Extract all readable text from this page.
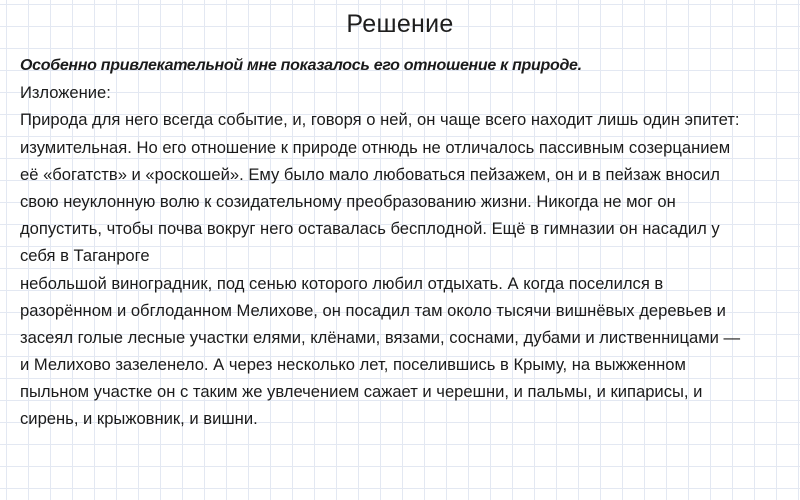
Решение
Особенно привлекательной мне показалось его отношение к природе.
Изложение:
Природа для него всегда событие, и, говоря о ней, он чаще всего находит лишь один эпитет:
изумительная. Но его отношение к природе отнюдь не отличалось пассивным созерцанием
её «богатств» и «роскошей». Ему было мало любоваться пейзажем, он и в пейзаж вносил
свою неуклонную волю к созидательному преобразованию жизни. Никогда не мог он
допустить, чтобы почва вокруг него оставалась бесплодной. Ещё в гимназии он насадил у
себя в Таганроге
небольшой виноградник, под сенью которого любил отдыхать. А когда поселился в
разорённом и обглоданном Мелихове, он посадил там около тысячи вишнёвых деревьев и
засеял голые лесные участки елями, клёнами, вязами, соснами, дубами и лиственницами —
и Мелихово зазеленело. А через несколько лет, поселившись в Крыму, на выжженном
пыльном участке он с таким же увлечением сажает и черешни, и пальмы, и кипарисы, и
сирень, и крыжовник, и вишни.
